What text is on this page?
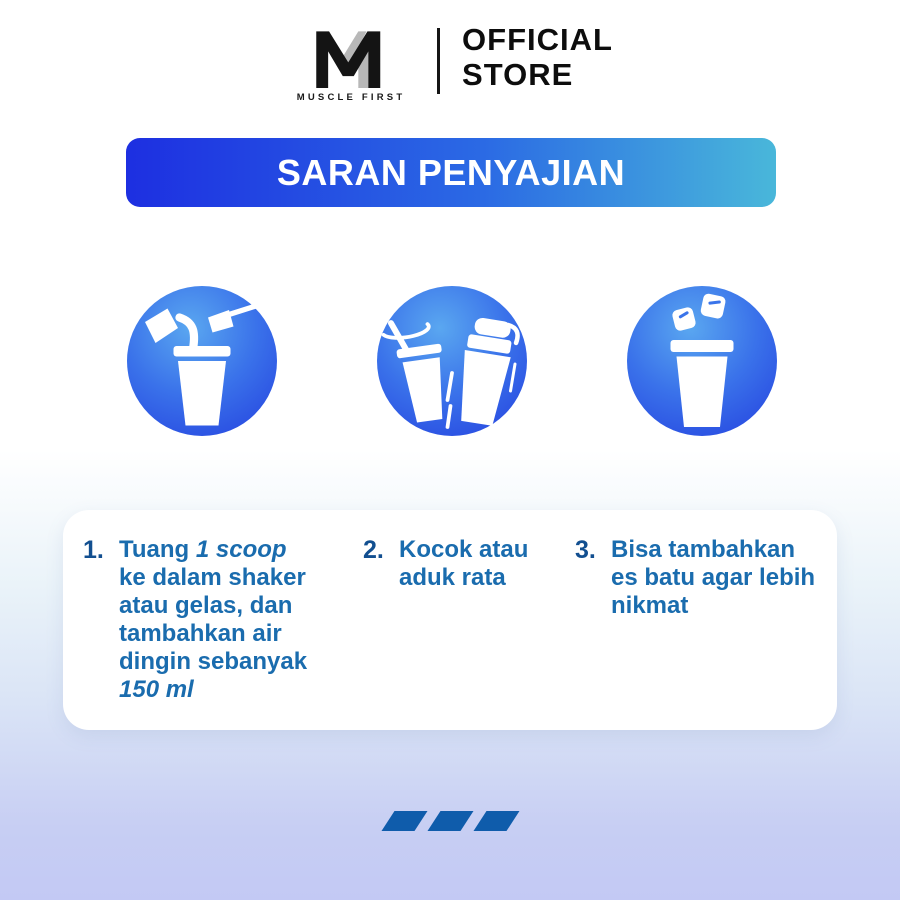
MUSCLE FIRST
OFFICIAL
STORE
SARAN PENYAJIAN
1. Tuang 1 scoop
ke dalam shaker
atau gelas, dan
tambahkan air
dingin sebanyak
150 ml

2. Kocok atau
aduk rata

3. Bisa tambahkan
es batu agar lebih
nikmat
